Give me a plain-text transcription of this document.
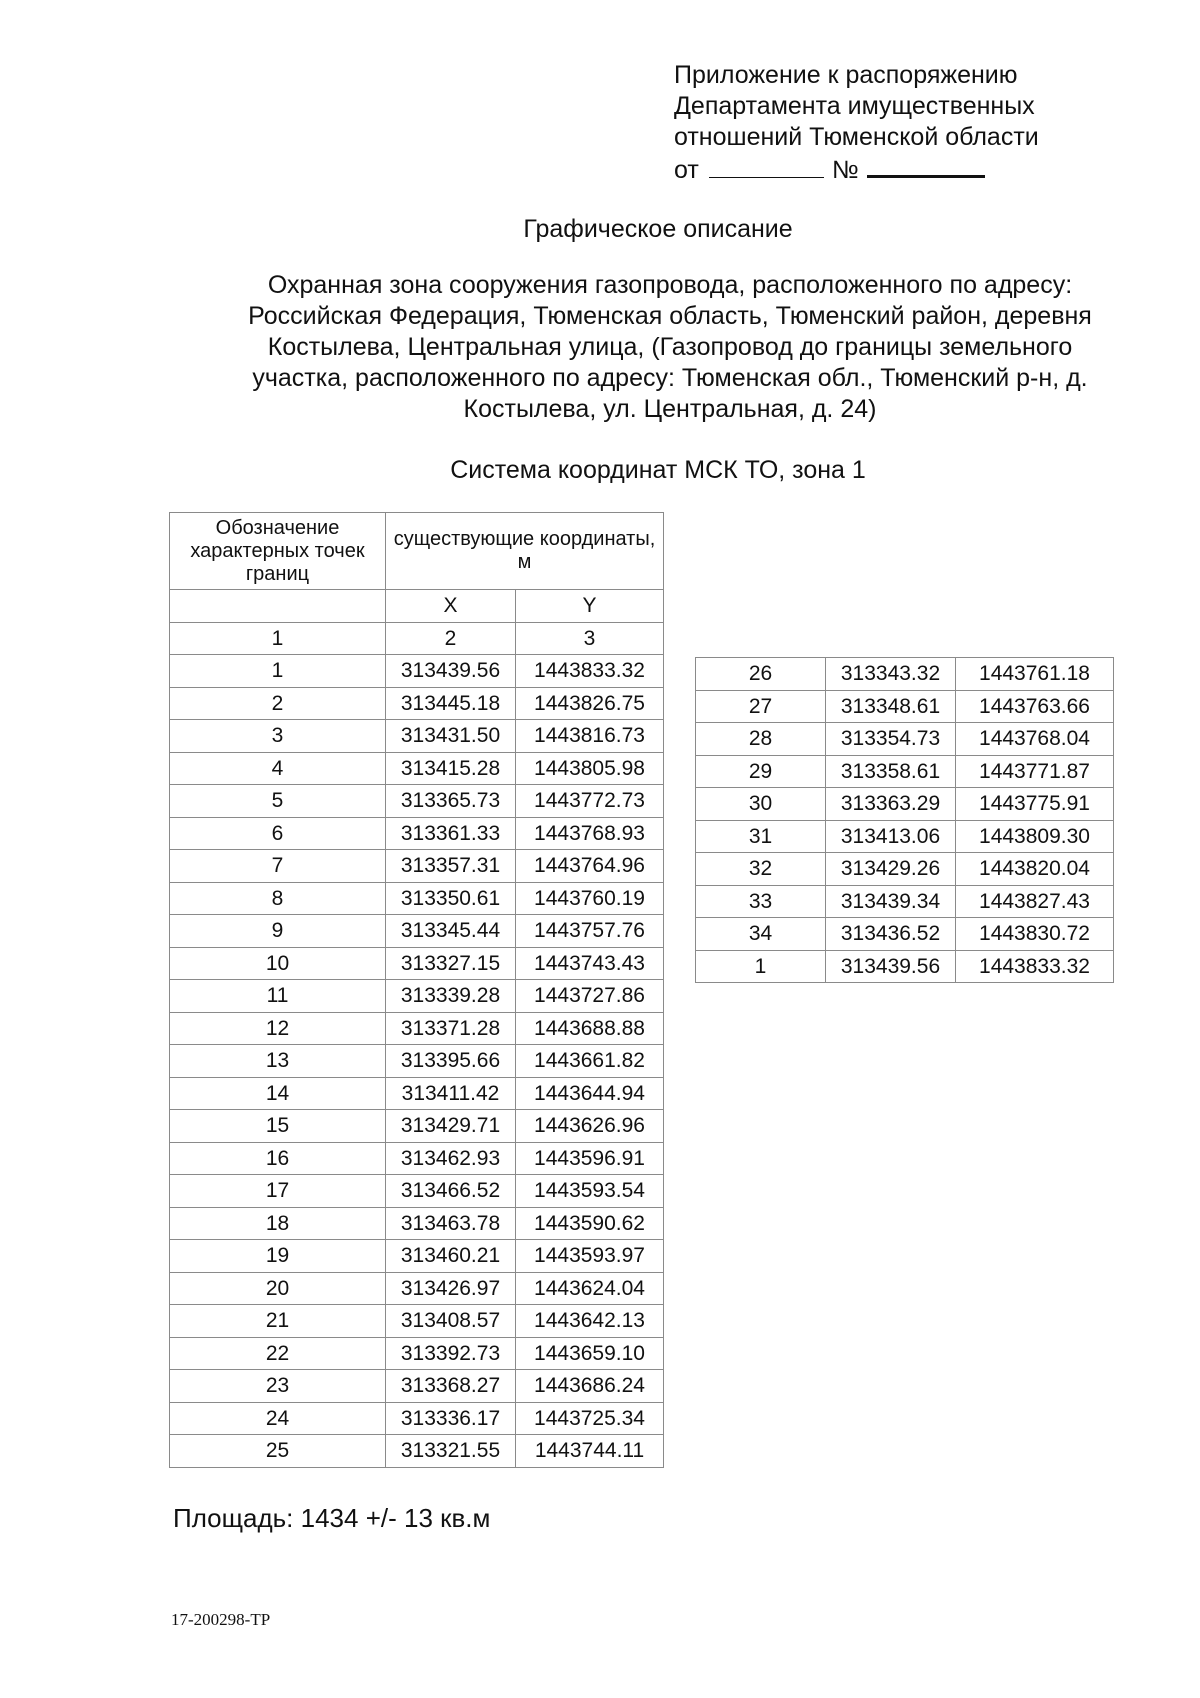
Приложение к распоряжению
Департамента имущественных
отношений Тюменской области
от	№
Графическое описание
Охранная зона сооружения газопровода, расположенного по адресу:
Российская Федерация, Тюменская область, Тюменский район, деревня
Костылева, Центральная улица, (Газопровод до границы земельного
участка, расположенного по адресу: Тюменская обл., Тюменский р-н, д.
Костылева, ул. Центральная, д. 24)
Система координат МСК ТО, зона 1
Обозначение характерных точек границ	существующие координаты, м	
	X	Y
1	2	3
1	313439.56	1443833.32
2	313445.18	1443826.75
3	313431.50	1443816.73
4	313415.28	1443805.98
5	313365.73	1443772.73
6	313361.33	1443768.93
7	313357.31	1443764.96
8	313350.61	1443760.19
9	313345.44	1443757.76
10	313327.15	1443743.43
11	313339.28	1443727.86
12	313371.28	1443688.88
13	313395.66	1443661.82
14	313411.42	1443644.94
15	313429.71	1443626.96
16	313462.93	1443596.91
17	313466.52	1443593.54
18	313463.78	1443590.62
19	313460.21	1443593.97
20	313426.97	1443624.04
21	313408.57	1443642.13
22	313392.73	1443659.10
23	313368.27	1443686.24
24	313336.17	1443725.34
25	313321.55	1443744.11
26	313343.32	1443761.18
27	313348.61	1443763.66
28	313354.73	1443768.04
29	313358.61	1443771.87
30	313363.29	1443775.91
31	313413.06	1443809.30
32	313429.26	1443820.04
33	313439.34	1443827.43
34	313436.52	1443830.72
1	313439.56	1443833.32
Площадь: 1434 +/- 13 кв.м
17-200298-ТР
